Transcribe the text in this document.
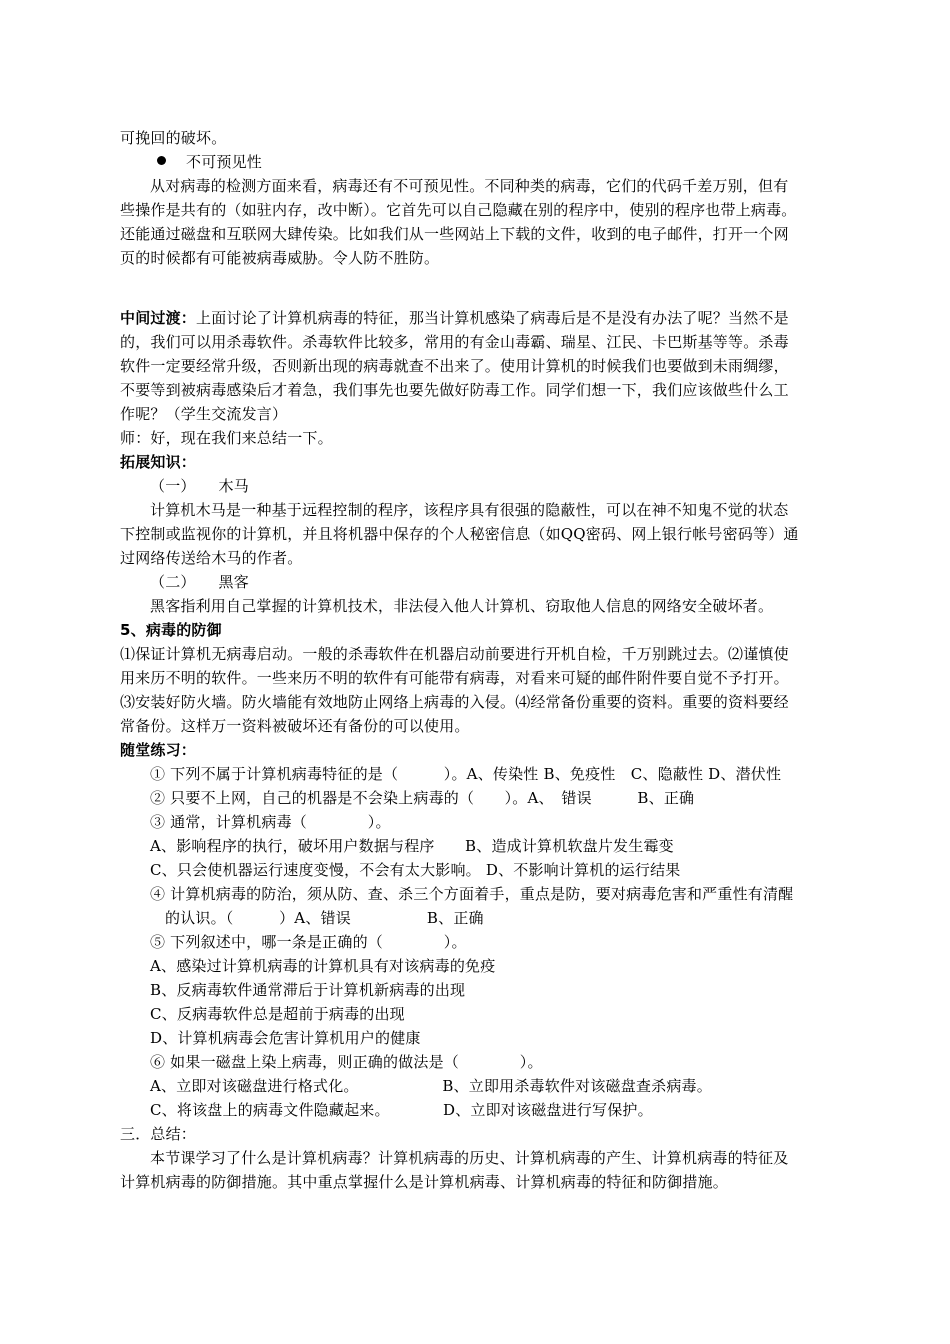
可挽回的破坏。
不可预见性
从对病毒的检测方面来看，病毒还有不可预见性。不同种类的病毒，它们的代码千差万别，但有
些操作是共有的（如驻内存，改中断）。它首先可以自己隐藏在别的程序中，使别的程序也带上病毒。
还能通过磁盘和互联网大肆传染。比如我们从一些网站上下载的文件，收到的电子邮件，打开一个网
页的时候都有可能被病毒威胁。令人防不胜防。
中间过渡：上面讨论了计算机病毒的特征，那当计算机感染了病毒后是不是没有办法了呢？当然不是
的，我们可以用杀毒软件。杀毒软件比较多，常用的有金山毒霸、瑞星、江民、卡巴斯基等等。杀毒
软件一定要经常升级，否则新出现的病毒就查不出来了。使用计算机的时候我们也要做到未雨绸缪，
不要等到被病毒感染后才着急，我们事先也要先做好防毒工作。同学们想一下，我们应该做些什么工
作呢？（学生交流发言）
师：好，现在我们来总结一下。
拓展知识：
（一）　　木马
计算机木马是一种基于远程控制的程序，该程序具有很强的隐蔽性，可以在神不知鬼不觉的状态
下控制或监视你的计算机，并且将机器中保存的个人秘密信息（如QQ密码、网上银行帐号密码等）通
过网络传送给木马的作者。
（二）　　黑客
黑客指利用自己掌握的计算机技术，非法侵入他人计算机、窃取他人信息的网络安全破坏者。
5、病毒的防御
⑴保证计算机无病毒启动。一般的杀毒软件在机器启动前要进行开机自检，千万别跳过去。⑵谨慎使
用来历不明的软件。一些来历不明的软件有可能带有病毒，对看来可疑的邮件附件要自觉不予打开。
⑶安装好防火墙。防火墙能有效地防止网络上病毒的入侵。⑷经常备份重要的资料。重要的资料要经
常备份。这样万一资料被破坏还有备份的可以使用。
随堂练习：
① 下列不属于计算机病毒特征的是（　　　）。A、传染性 B、免疫性　C、隐蔽性 D、潜伏性
② 只要不上网，自己的机器是不会染上病毒的（　　）。A、　错误　　　B、正确
③ 通常，计算机病毒（　　　　）。
A、影响程序的执行，破坏用户数据与程序　　B、造成计算机软盘片发生霉变
C、只会使机器运行速度变慢，不会有太大影响。 D、不影响计算机的运行结果
④ 计算机病毒的防治，须从防、查、杀三个方面着手，重点是防，要对病毒危害和严重性有清醒
的认识。（　　　）A、错误　　　　　B、正确
⑤ 下列叙述中，哪一条是正确的（　　　　）。
A、感染过计算机病毒的计算机具有对该病毒的免疫
B、反病毒软件通常滞后于计算机新病毒的出现
C、反病毒软件总是超前于病毒的出现
D、计算机病毒会危害计算机用户的健康
⑥ 如果一磁盘上染上病毒，则正确的做法是（　　　　）。
A、立即对该磁盘进行格式化。　　　　　　B、立即用杀毒软件对该磁盘查杀病毒。
C、将该盘上的病毒文件隐藏起来。　　　　D、立即对该磁盘进行写保护。
三．总结：
本节课学习了什么是计算机病毒？计算机病毒的历史、计算机病毒的产生、计算机病毒的特征及
计算机病毒的防御措施。其中重点掌握什么是计算机病毒、计算机病毒的特征和防御措施。
